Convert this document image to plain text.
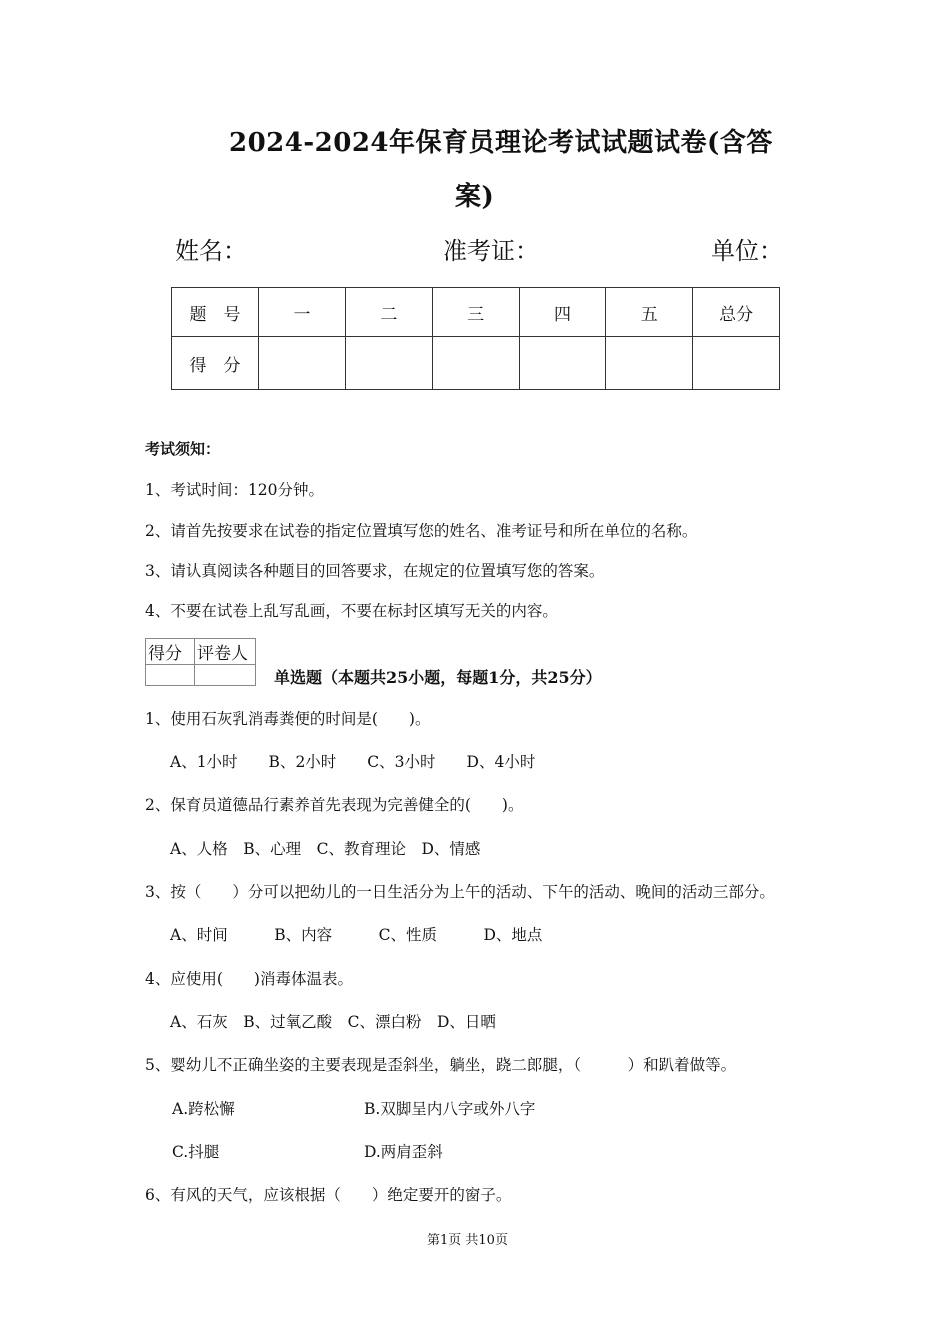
2024-2024年保育员理论考试试题试卷(含答
案)
姓名：	准考证：	单位：
题　号	一	二	三	四	五	总分
得　分						
考试须知：
1、考试时间：120分钟。
2、请首先按要求在试卷的指定位置填写您的姓名、准考证号和所在单位的名称。
3、请认真阅读各种题目的回答要求，在规定的位置填写您的答案。
4、不要在试卷上乱写乱画，不要在标封区填写无关的内容。
得分	评卷人

单选题（本题共25小题，每题1分，共25分）
1、使用石灰乳消毒粪便的时间是(　　)。
A、1小时　　B、2小时　　C、3小时　　D、4小时
2、保育员道德品行素养首先表现为完善健全的(　　)。
A、人格　B、心理　C、教育理论　D、情感
3、按（　　）分可以把幼儿的一日生活分为上午的活动、下午的活动、晚间的活动三部分。
A、时间　　　B、内容　　　C、性质　　　D、地点
4、应使用(　　)消毒体温表。
A、石灰　B、过氧乙酸　C、漂白粉　D、日晒
5、婴幼儿不正确坐姿的主要表现是歪斜坐，躺坐，跷二郎腿，（　　　）和趴着做等。
A.跨松懈	B.双脚呈内八字或外八字
C.抖腿	D.两肩歪斜
6、有风的天气，应该根据（　　）绝定要开的窗子。
第1页 共10页
